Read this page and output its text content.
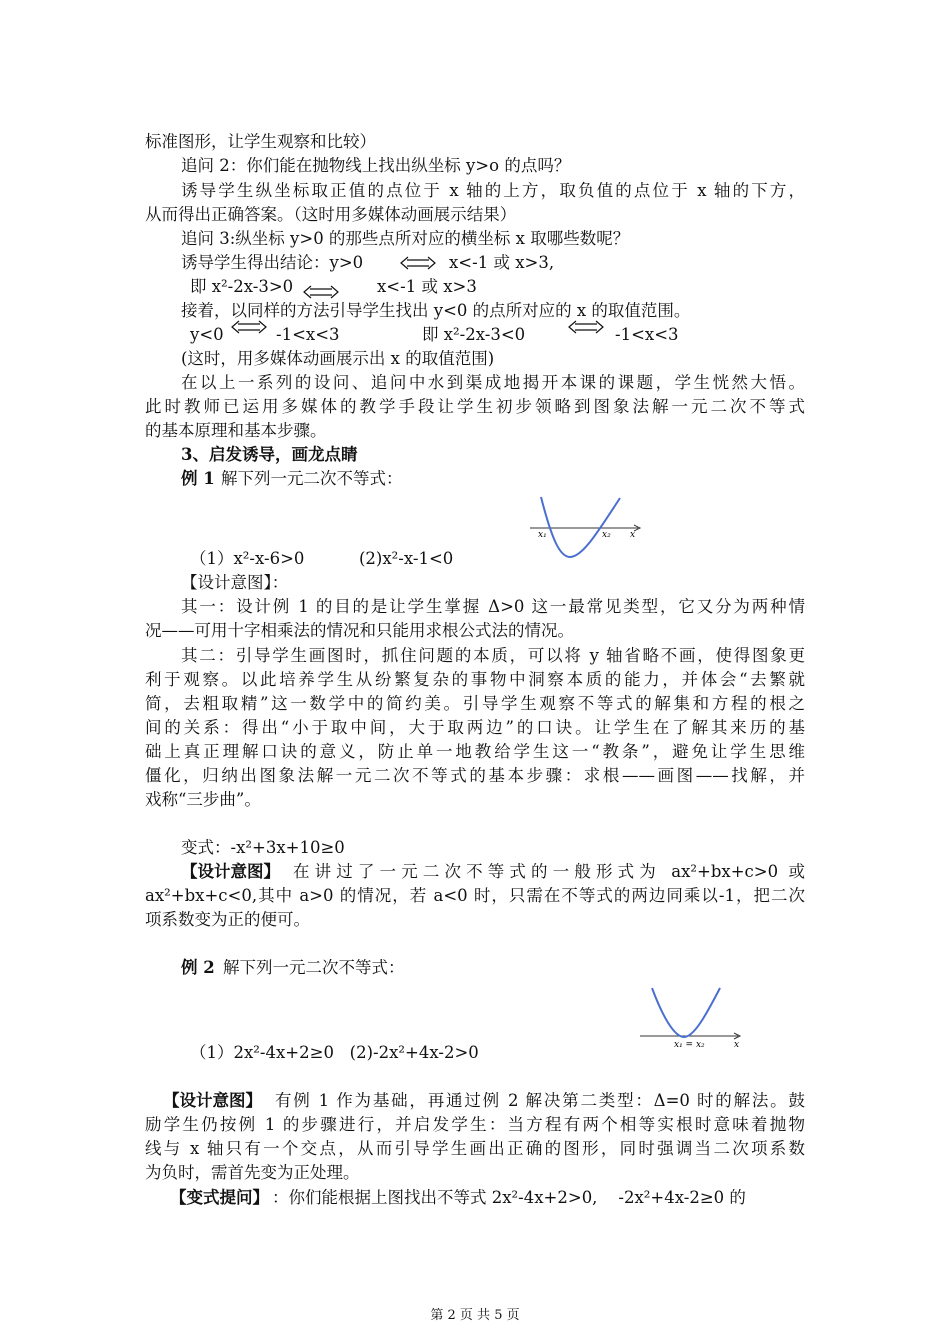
标准图形，让学生观察和比较）
追问 2：你们能在抛物线上找出纵坐标 y>o 的点吗？
诱导学生纵坐标取正值的点位于 x 轴的上方，取负值的点位于 x 轴的下方，
从而得出正确答案。（这时用多媒体动画展示结果）
追问 3:纵坐标 y>0 的那些点所对应的横坐标 x 取哪些数呢？
诱导学生得出结论：y>0	x<-1 或 x>3,
即 x²-2x-3>0	x<-1 或 x>3
接着，以同样的方法引导学生找出 y<0 的点所对应的 x 的取值范围。
y<0	-1<x<3	即 x²-2x-3<0	-1<x<3
(这时，用多媒体动画展示出 x 的取值范围)
在以上一系列的设问、追问中水到渠成地揭开本课的课题，学生恍然大悟。
此时教师已运用多媒体的教学手段让学生初步领略到图象法解一元二次不等式
的基本原理和基本步骤。
3、启发诱导，画龙点睛
例 1 解下列一元二次不等式：
x₁	x₂ x
（1）x²-x-6>0	(2)x²-x-1<0
【设计意图】：
其一：设计例 1 的目的是让学生掌握 Δ>0 这一最常见类型，它又分为两种情
况——可用十字相乘法的情况和只能用求根公式法的情况。
其二：引导学生画图时，抓住问题的本质，可以将 y 轴省略不画，使得图象更
利于观察。以此培养学生从纷繁复杂的事物中洞察本质的能力，并体会“去繁就
简，去粗取精”这一数学中的简约美。引导学生观察不等式的解集和方程的根之
间的关系：得出“小于取中间，大于取两边”的口诀。让学生在了解其来历的基
础上真正理解口诀的意义，防止单一地教给学生这一“教条”，避免让学生思维
僵化，归纳出图象法解一元二次不等式的基本步骤：求根——画图——找解，并
戏称“三步曲”。
变式：-x²+3x+10≥0
【设计意图】 在讲过了一元二次不等式的一般形式为 ax²+bx+c>0 或
ax²+bx+c<0,其中 a>0 的情况，若 a<0 时，只需在不等式的两边同乘以-1，把二次
项系数变为正的便可。
例 2 解下列一元二次不等式：
x₁ = x₂	x
（1）2x²-4x+2≥0   (2)-2x²+4x-2>0
【设计意图】 有例 1 作为基础，再通过例 2 解决第二类型：Δ=0 时的解法。鼓
励学生仍按例 1 的步骤进行，并启发学生：当方程有两个相等实根时意味着抛物
线与 x 轴只有一个交点，从而引导学生画出正确的图形，同时强调当二次项系数
为负时，需首先变为正处理。
【变式提问】 ：你们能根据上图找出不等式 2x²-4x+2>0,    -2x²+4x-2≥0 的
第 2 页 共 5 页
